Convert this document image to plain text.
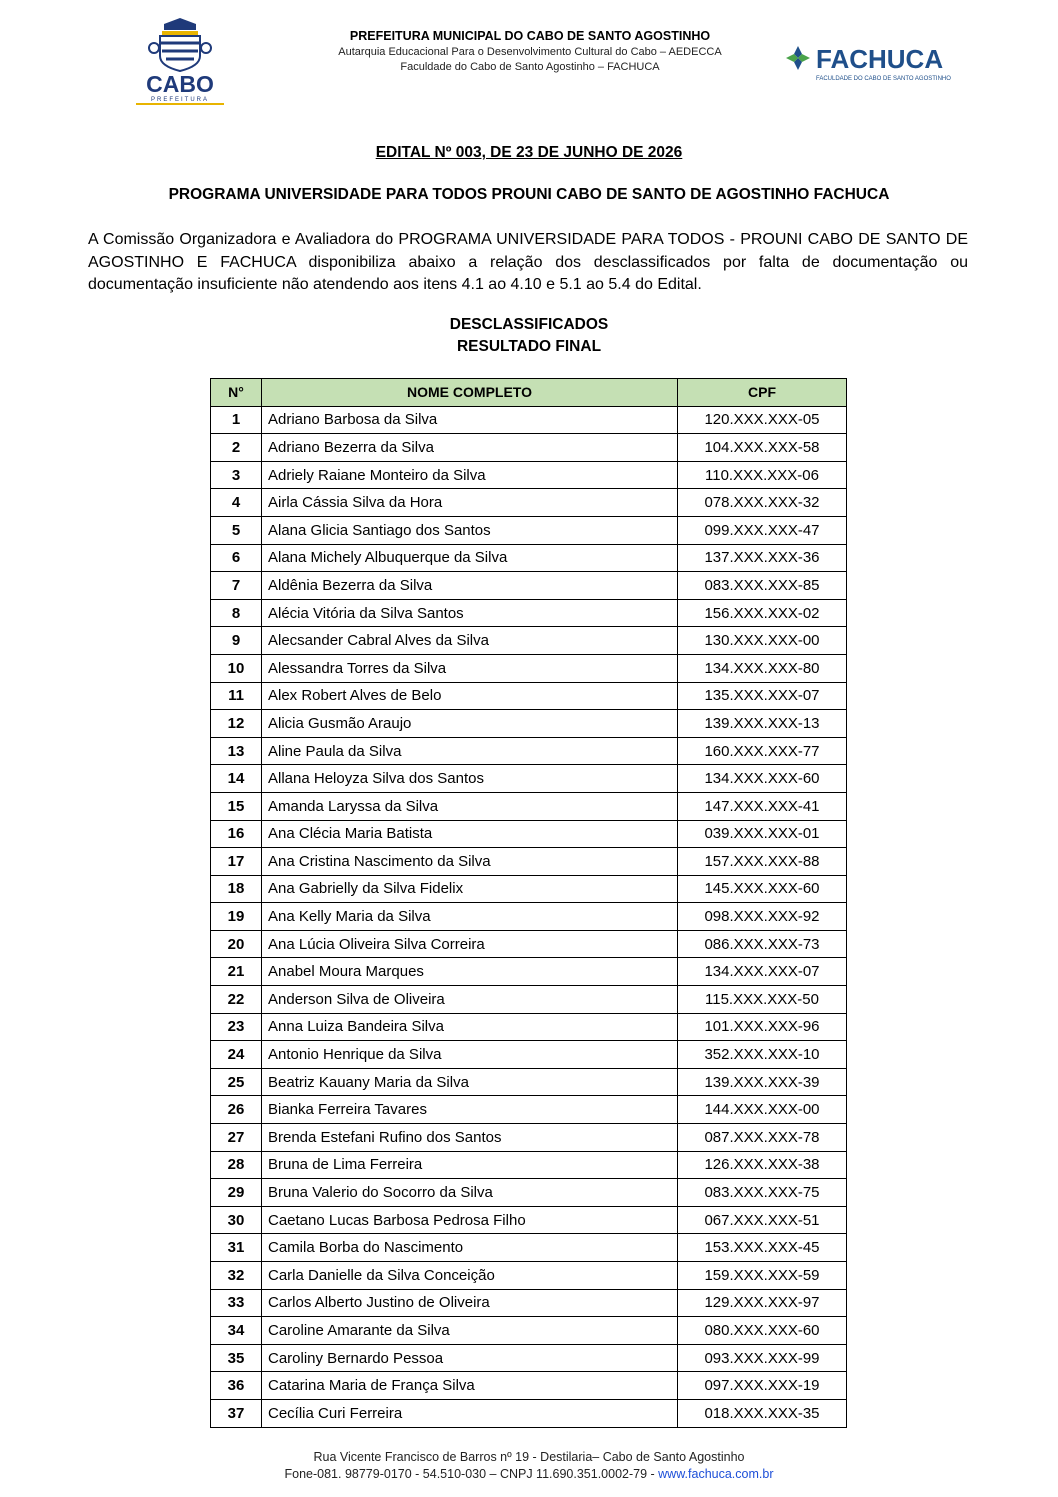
CABO
PREFEITURA
PREFEITURA MUNICIPAL DO CABO DE SANTO AGOSTINHO
Autarquia Educacional Para o Desenvolvimento Cultural do Cabo – AEDECCA
Faculdade do Cabo de Santo Agostinho – FACHUCA	FACHUCA
FACULDADE DO CABO DE SANTO AGOSTINHO
EDITAL Nº 003, DE 23 DE JUNHO DE 2026
PROGRAMA UNIVERSIDADE PARA TODOS PROUNI CABO DE SANTO DE AGOSTINHO FACHUCA
A Comissão Organizadora e Avaliadora do PROGRAMA UNIVERSIDADE PARA TODOS - PROUNI CABO DE SANTO DE AGOSTINHO E FACHUCA disponibiliza abaixo a relação dos desclassificados por falta de documentação ou documentação insuficiente não atendendo aos itens 4.1 ao 4.10 e 5.1 ao 5.4 do Edital.
DESCLASSIFICADOS
RESULTADO FINAL
N°	NOME COMPLETO	CPF
1	Adriano Barbosa da Silva	120.XXX.XXX-05
2	Adriano Bezerra da Silva	104.XXX.XXX-58
3	Adriely Raiane Monteiro da Silva	110.XXX.XXX-06
4	Airla Cássia Silva da Hora	078.XXX.XXX-32
5	Alana Glicia Santiago dos Santos	099.XXX.XXX-47
6	Alana Michely Albuquerque da Silva	137.XXX.XXX-36
7	Aldênia Bezerra da Silva	083.XXX.XXX-85
8	Alécia Vitória da Silva Santos	156.XXX.XXX-02
9	Alecsander Cabral Alves da Silva	130.XXX.XXX-00
10	Alessandra Torres da Silva	134.XXX.XXX-80
11	Alex Robert Alves de Belo	135.XXX.XXX-07
12	Alicia Gusmão Araujo	139.XXX.XXX-13
13	Aline Paula da Silva	160.XXX.XXX-77
14	Allana Heloyza Silva dos Santos	134.XXX.XXX-60
15	Amanda Laryssa da Silva	147.XXX.XXX-41
16	Ana Clécia Maria Batista	039.XXX.XXX-01
17	Ana Cristina Nascimento da Silva	157.XXX.XXX-88
18	Ana Gabrielly da Silva Fidelix	145.XXX.XXX-60
19	Ana Kelly Maria da Silva	098.XXX.XXX-92
20	Ana Lúcia Oliveira Silva Correira	086.XXX.XXX-73
21	Anabel Moura Marques	134.XXX.XXX-07
22	Anderson Silva de Oliveira	115.XXX.XXX-50
23	Anna Luiza Bandeira Silva	101.XXX.XXX-96
24	Antonio Henrique da Silva	352.XXX.XXX-10
25	Beatriz Kauany Maria da Silva	139.XXX.XXX-39
26	Bianka Ferreira Tavares	144.XXX.XXX-00
27	Brenda Estefani Rufino dos Santos	087.XXX.XXX-78
28	Bruna de Lima Ferreira	126.XXX.XXX-38
29	Bruna Valerio do Socorro da Silva	083.XXX.XXX-75
30	Caetano Lucas Barbosa Pedrosa Filho	067.XXX.XXX-51
31	Camila Borba do Nascimento	153.XXX.XXX-45
32	Carla Danielle da Silva Conceição	159.XXX.XXX-59
33	Carlos Alberto Justino de Oliveira	129.XXX.XXX-97
34	Caroline Amarante da Silva	080.XXX.XXX-60
35	Caroliny Bernardo Pessoa	093.XXX.XXX-99
36	Catarina Maria de França Silva	097.XXX.XXX-19
37	Cecília Curi Ferreira	018.XXX.XXX-35
Rua Vicente Francisco de Barros nº 19 - Destilaria– Cabo de Santo Agostinho
Fone-081. 98779-0170 - 54.510-030 – CNPJ 11.690.351.0002-79 - www.fachuca.com.br
